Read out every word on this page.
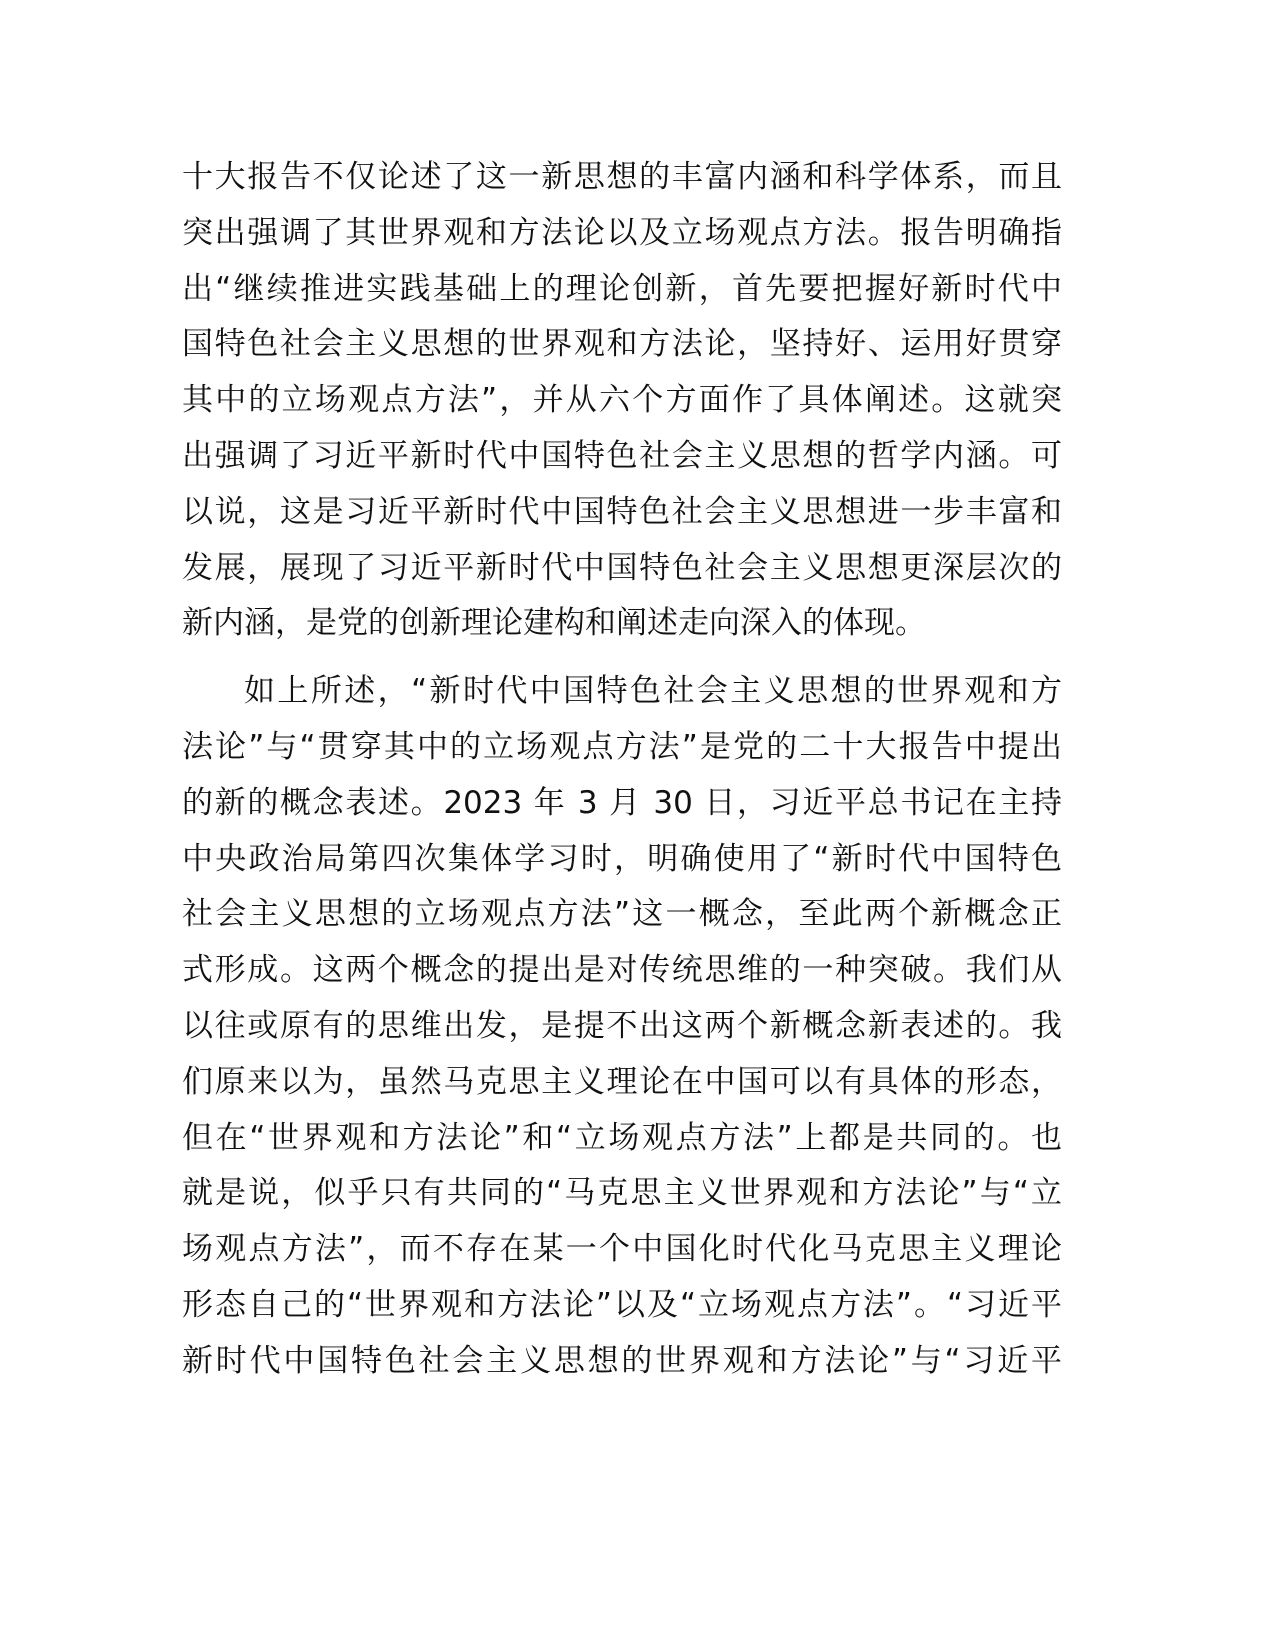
十大报告不仅论述了这一新思想的丰富内涵和科学体系，而且
突出强调了其世界观和方法论以及立场观点方法。报告明确指
出“继续推进实践基础上的理论创新，首先要把握好新时代中
国特色社会主义思想的世界观和方法论，坚持好、运用好贯穿
其中的立场观点方法”，并从六个方面作了具体阐述。这就突
出强调了习近平新时代中国特色社会主义思想的哲学内涵。可
以说，这是习近平新时代中国特色社会主义思想进一步丰富和
发展，展现了习近平新时代中国特色社会主义思想更深层次的
新内涵，是党的创新理论建构和阐述走向深入的体现。
如上所述，“新时代中国特色社会主义思想的世界观和方
法论”与“贯穿其中的立场观点方法”是党的二十大报告中提出
的新的概念表述。2023 年 3 月 30 日，习近平总书记在主持
中央政治局第四次集体学习时，明确使用了“新时代中国特色
社会主义思想的立场观点方法”这一概念，至此两个新概念正
式形成。这两个概念的提出是对传统思维的一种突破。我们从
以往或原有的思维出发，是提不出这两个新概念新表述的。我
们原来以为，虽然马克思主义理论在中国可以有具体的形态，
但在“世界观和方法论”和“立场观点方法”上都是共同的。也
就是说，似乎只有共同的“马克思主义世界观和方法论”与“立
场观点方法”，而不存在某一个中国化时代化马克思主义理论
形态自己的“世界观和方法论”以及“立场观点方法”。“习近平
新时代中国特色社会主义思想的世界观和方法论”与“习近平
